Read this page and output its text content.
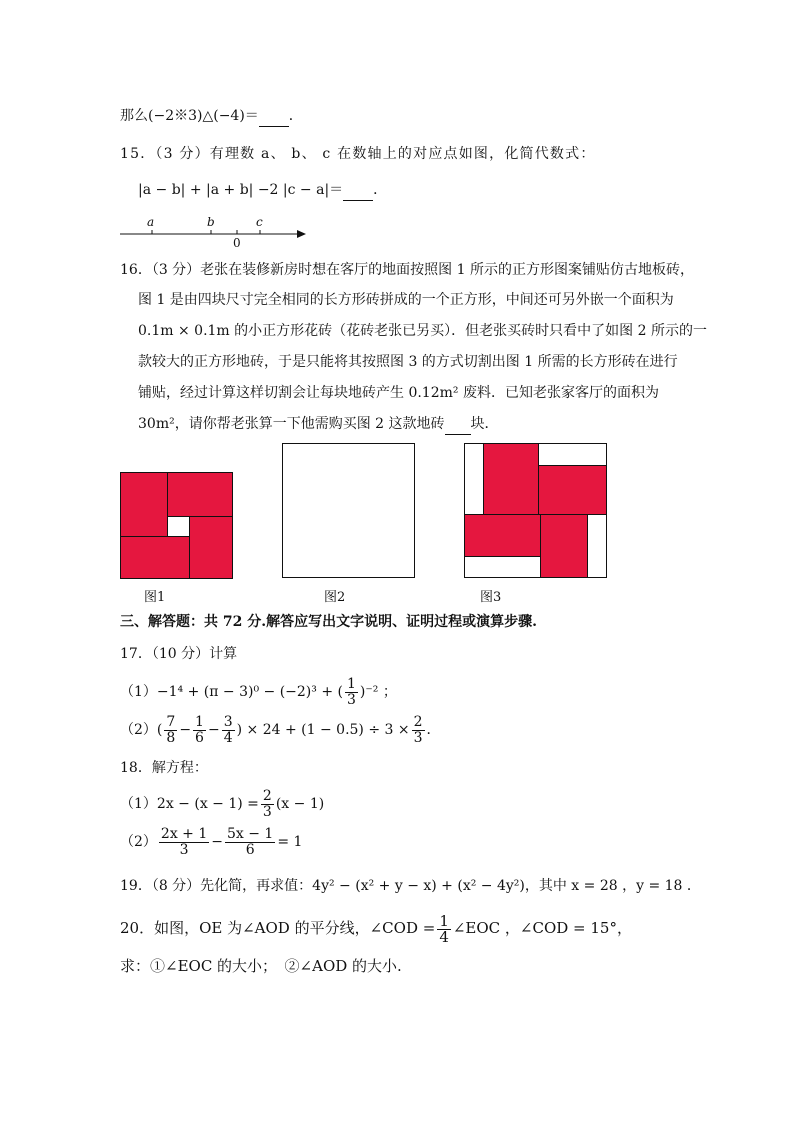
那么(−2※3)△(−4)＝ ．
15．（3 分）有理数 a、 b、 c 在数轴上的对应点如图，化简代数式：
|a − b| + |a + b| −2 |c − a|＝ ．
a	b	c
0
16．（3 分）老张在装修新房时想在客厅的地面按照图 1 所示的正方形图案铺贴仿古地板砖，
图 1 是由四块尺寸完全相同的长方形砖拼成的一个正方形，中间还可另外嵌一个面积为
0.1m × 0.1m 的小正方形花砖（花砖老张已另买）．但老张买砖时只看中了如图 2 所示的一
款较大的正方形地砖，于是只能将其按照图 3 的方式切割出图 1 所需的长方形砖在进行
铺贴，经过计算这样切割会让每块地砖产生 0.12m² 废料．已知老张家客厅的面积为
30m²，请你帮老张算一下他需购买图 2 这款地砖 块．
图1	图2	图3
三、解答题：共 72 分.解答应写出文字说明、证明过程或演算步骤.
17．（10 分）计算
（1）−1⁴ + (π − 3)⁰ − (−2)³ + ( $\frac{1}{3} )^{-2}$ ；
$(2)( \frac{7}{8} - \frac{1}{6} - \frac{3}{4}$ ) × $24 + (1 - 0.5) \div 3 \times \frac{2}{3}$ ．
18．解方程：
$(1)2x - (x - 1) = \frac{2}{3} (x - 1)$
$(2) \frac{2x + 1}{3} - \frac{5x - 1}{6} = 1$
19．（8 分）先化简，再求值：4y² − (x² + y − x) + (x² − 4y²)，其中 x = 28 ，y = 18 ．
20．如图，OE 为∠AOD 的平分线，∠COD = $\frac{1}{4}$ ∠EOC ，∠COD = 15°，
求：①∠EOC 的大小；　②∠AOD 的大小.
